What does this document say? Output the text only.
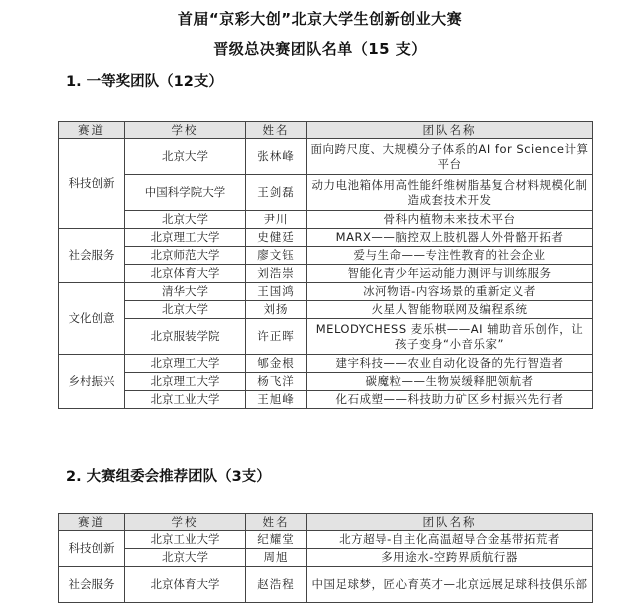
首届“京彩大创”北京大学生创新创业大赛
晋级总决赛团队名单（15 支）
1. 一等奖团队（12支）
赛道	学校	姓名	团队名称
科技创新	北京大学	张林峰	面向跨尺度、大规模分子体系的AI for Science计算平台
	中国科学院大学	王剑磊	动力电池箱体用高性能纤维树脂基复合材料规模化制造成套技术开发
	北京大学	尹川	骨科内植物未来技术平台
社会服务	北京理工大学	史健廷	MARX——脑控双上肢机器人外骨骼开拓者
	北京师范大学	廖文钰	爱与生命——专注性教育的社会企业
	北京体育大学	刘浩崇	智能化青少年运动能力测评与训练服务
文化创意	清华大学	王国鸿	冰河物语-内容场景的重新定义者
	北京大学	刘扬	火星人智能物联网及编程系统
	北京服装学院	许正晖	MELODYCHESS 麦乐棋——AI 辅助音乐创作，让孩子变身“小音乐家”
乡村振兴	北京理工大学	郇金根	建宇科技——农业自动化设备的先行智造者
	北京理工大学	杨飞洋	碳魔粒——生物炭缓释肥领航者
	北京工业大学	王旭峰	化石成塑——科技助力矿区乡村振兴先行者
2. 大赛组委会推荐团队（3支）
赛道	学校	姓名	团队名称
科技创新	北京工业大学	纪耀堂	北方超导-自主化高温超导合金基带拓荒者
	北京大学	周旭	多用途水-空跨界质航行器
社会服务	北京体育大学	赵浩程	中国足球梦，匠心育英才—北京远展足球科技俱乐部
